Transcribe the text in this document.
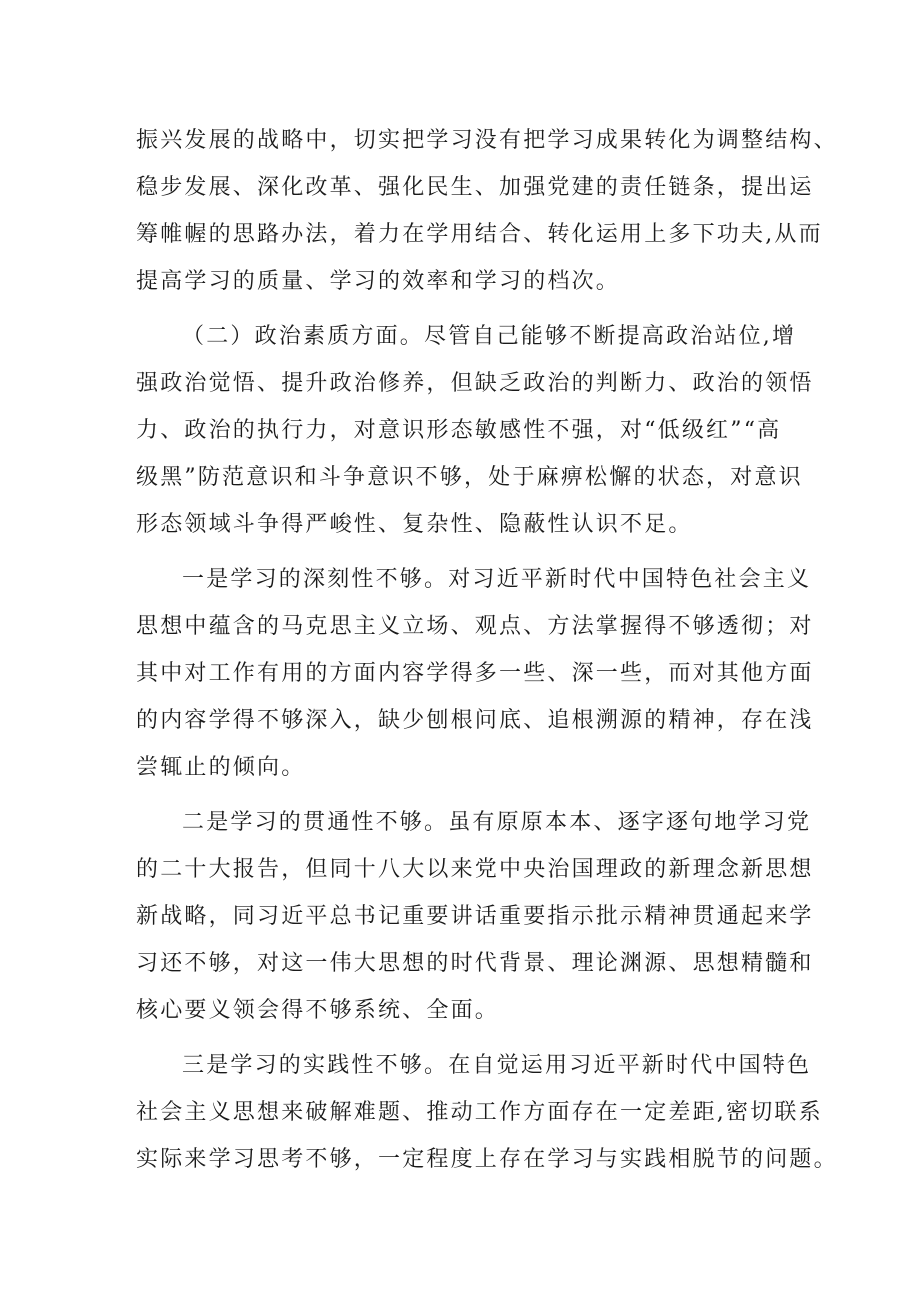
振兴发展的战略中，切实把学习没有把学习成果转化为调整结构、
稳步发展、深化改革、强化民生、加强党建的责任链条，提出运
筹帷幄的思路办法，着力在学用结合、转化运用上多下功夫,从而
提高学习的质量、学习的效率和学习的档次。
（二）政治素质方面。尽管自己能够不断提高政治站位,增
强政治觉悟、提升政治修养，但缺乏政治的判断力、政治的领悟
力、政治的执行力，对意识形态敏感性不强，对“低级红”“高
级黑”防范意识和斗争意识不够，处于麻痹松懈的状态，对意识
形态领域斗争得严峻性、复杂性、隐蔽性认识不足。
一是学习的深刻性不够。对习近平新时代中国特色社会主义
思想中蕴含的马克思主义立场、观点、方法掌握得不够透彻；对
其中对工作有用的方面内容学得多一些、深一些，而对其他方面
的内容学得不够深入，缺少刨根问底、追根溯源的精神，存在浅
尝辄止的倾向。
二是学习的贯通性不够。虽有原原本本、逐字逐句地学习党
的二十大报告，但同十八大以来党中央治国理政的新理念新思想
新战略，同习近平总书记重要讲话重要指示批示精神贯通起来学
习还不够，对这一伟大思想的时代背景、理论渊源、思想精髓和
核心要义领会得不够系统、全面。
三是学习的实践性不够。在自觉运用习近平新时代中国特色
社会主义思想来破解难题、推动工作方面存在一定差距,密切联系
实际来学习思考不够，一定程度上存在学习与实践相脱节的问题。
